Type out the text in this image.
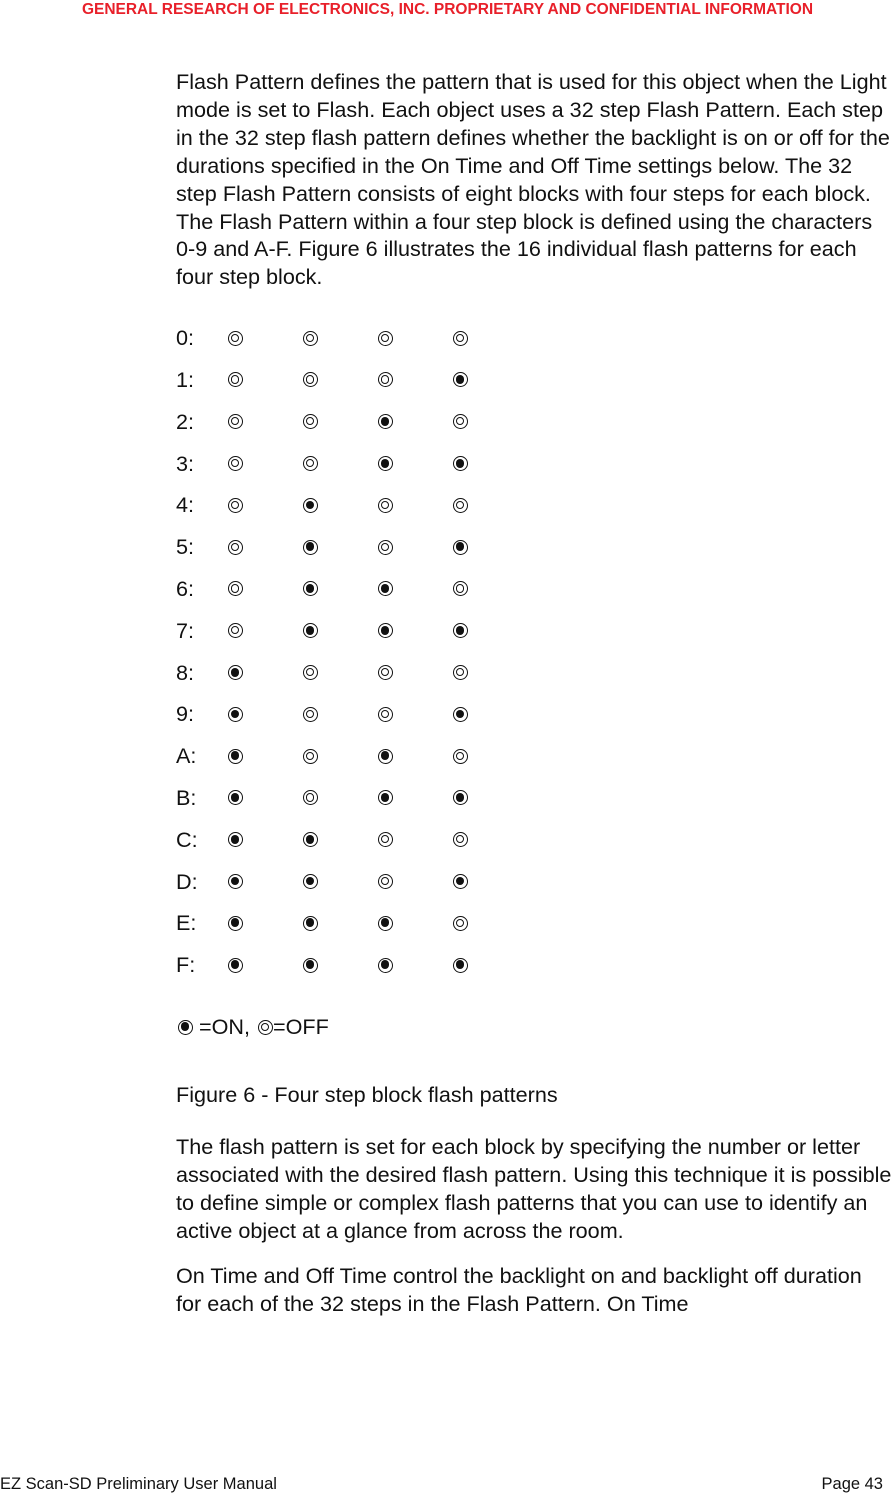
GENERAL RESEARCH OF ELECTRONICS, INC. PROPRIETARY AND CONFIDENTIAL INFORMATION

Flash Pattern defines the pattern that is used for this object when the Light mode is set to Flash. Each object uses a 32 step Flash Pattern. Each step in the 32 step flash pattern defines whether the backlight is on or off for the durations specified in the On Time and Off Time settings below. The 32 step Flash Pattern consists of eight blocks with four steps for each block. The Flash Pattern within a four step block is defined using the characters 0-9 and A-F. Figure 6 illustrates the 16 individual flash patterns for each four step block.

0:
1:
2:
3:
4:
5:
6:
7:
8:
9:
A:
B:
C:
D:
E:
F:
=ON, =OFF
Figure 6 - Four step block flash patterns

The flash pattern is set for each block by specifying the number or letter associated with the desired flash pattern. Using this technique it is possible to define simple or complex flash patterns that you can use to identify an active object at a glance from across the room.

On Time and Off Time control the backlight on and backlight off duration for each of the 32 steps in the Flash Pattern. On Time

EZ Scan-SD Preliminary User Manual	Page 43
